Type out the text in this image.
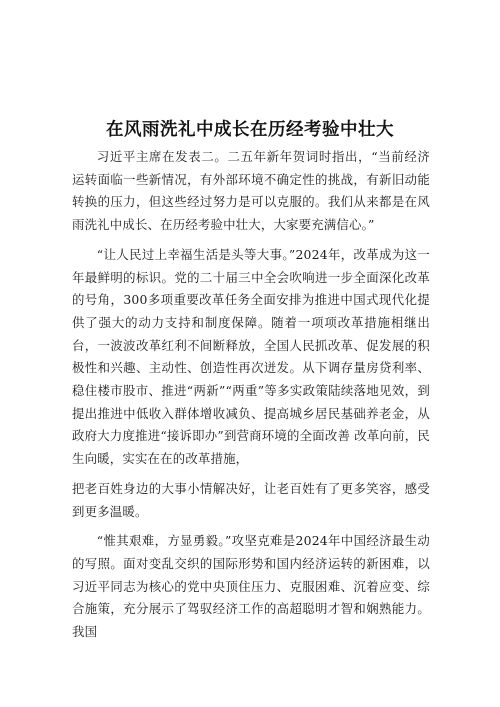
在风雨洗礼中成长在历经考验中壮大

习近平主席在发表二。二五年新年贺词时指出，“当前经济运转面临一些新情况，有外部环境不确定性的挑战，有新旧动能转换的压力，但这些经过努力是可以克服的。我们从来都是在风雨洗礼中成长、在历经考验中壮大，大家要充满信心。”

“让人民过上幸福生活是头等大事。”2024年，改革成为这一年最鲜明的标识。党的二十届三中全会吹响进一步全面深化改革的号角，300多项重要改革任务全面安排为推进中国式现代化提供了强大的动力支持和制度保障。随着一项项改革措施相继出台，一波波改革红利不间断释放，全国人民抓改革、促发展的积极性和兴趣、主动性、创造性再次迸发。从下调存量房贷利率、稳住楼市股市、推进“两新”“两重”等多实政策陆续落地见效，到提出推进中低收入群体增收减负、提高城乡居民基础养老金，从政府大力度推进“接诉即办”到营商环境的全面改善 改革向前，民生向暖，实实在在的改革措施，

把老百姓身边的大事小情解决好，让老百姓有了更多笑容，感受到更多温暖。

“惟其艰难，方显勇毅。”攻坚克难是2024年中国经济最生动的写照。面对变乱交织的国际形势和国内经济运转的新困难，以习近平同志为核心的党中央顶住压力、克服困难、沉着应变、综合施策，充分展示了驾驭经济工作的高超聪明才智和娴熟能力。我国
